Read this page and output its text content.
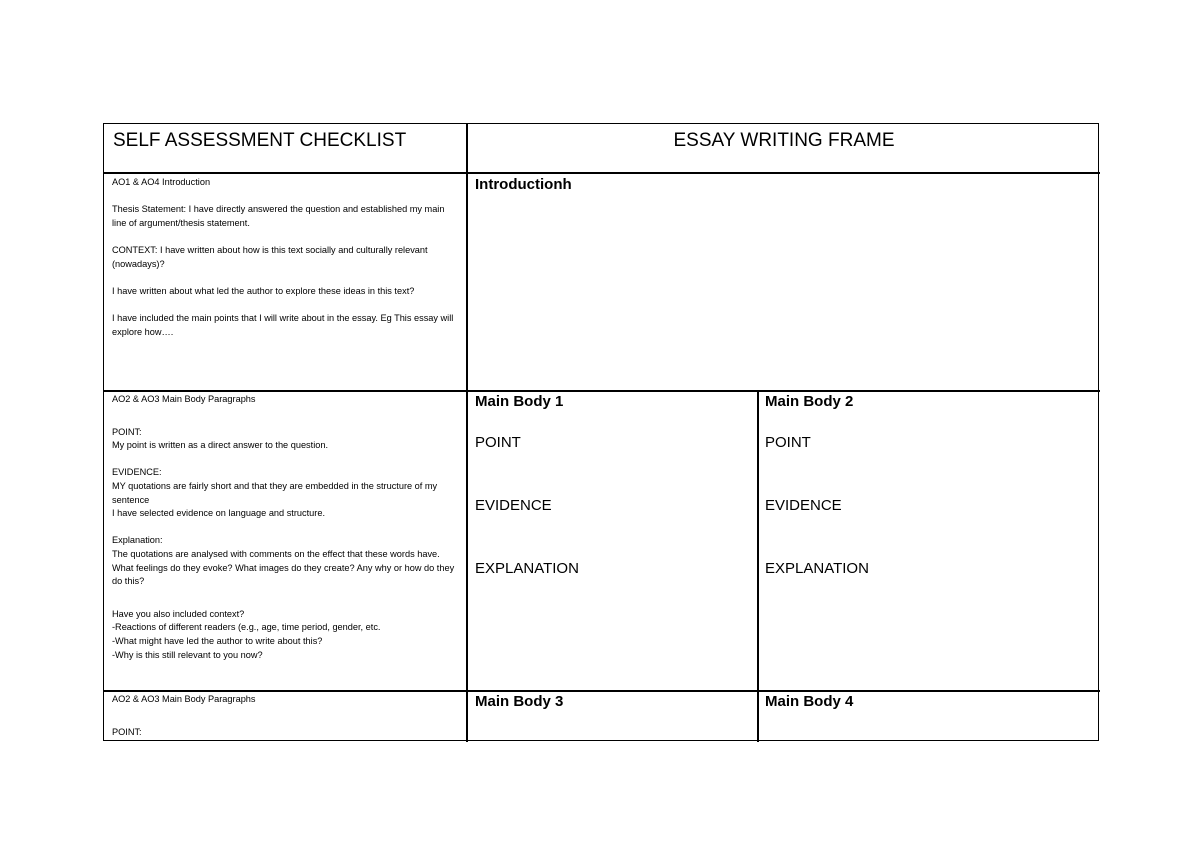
SELF ASSESSMENT CHECKLIST	ESSAY WRITING FRAME

AO1 & AO4 Introduction

Thesis Statement: I have directly answered the question and established my main line of argument/thesis statement.

CONTEXT: I have written about how is this text socially and culturally relevant (nowadays)?

I have written about what led the author to explore these ideas in this text?

I have included the main points that I will write about in the essay. Eg This essay will explore how….

Introductionh

AO2 & AO3 Main Body Paragraphs

POINT:

My point is written as a direct answer to the question.

EVIDENCE:

MY quotations are fairly short and that they are embedded in the structure of my sentence

I have selected evidence on language and structure.

Explanation:

The quotations are analysed with comments on the effect that these words have. What feelings do they evoke? What images do they create? Any why or how do they do this?

Have you also included context?

-Reactions of different readers (e.g., age, time period, gender, etc.

-What might have led the author to write about this?

-Why is this still relevant to you now?

Main Body 1
POINT
EVIDENCE
EXPLANATION
Main Body 2
POINT
EVIDENCE
EXPLANATION

AO2 & AO3 Main Body Paragraphs

POINT:

Main Body 3	Main Body 4
